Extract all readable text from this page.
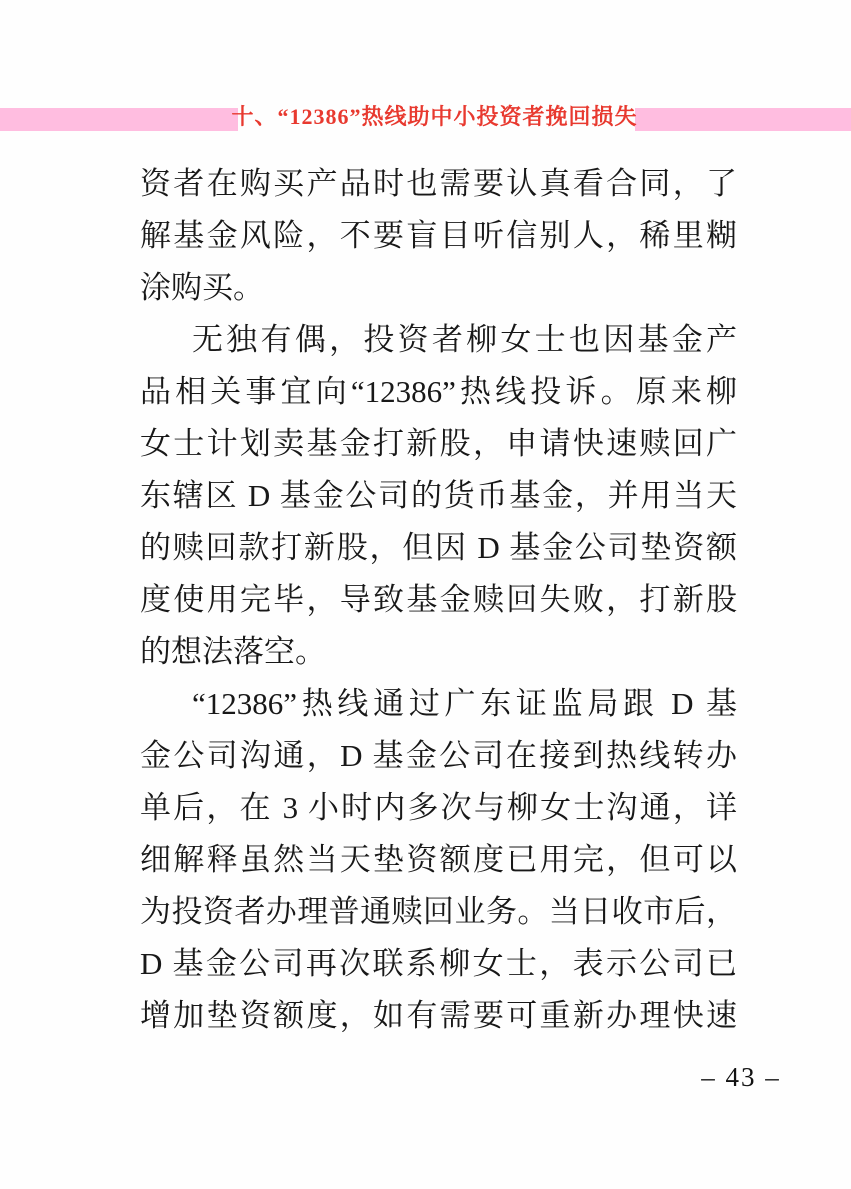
十、“12386”热线助中小投资者挽回损失
资者在购买产品时也需要认真看合同，了
解基金风险，不要盲目听信别人，稀里糊
涂购买。
无独有偶，投资者柳女士也因基金产
品相关事宜向“12386”热线投诉。原来柳
女士计划卖基金打新股，申请快速赎回广
东辖区 D 基金公司的货币基金，并用当天
的赎回款打新股，但因 D 基金公司垫资额
度使用完毕，导致基金赎回失败，打新股
的想法落空。
“12386”热线通过广东证监局跟 D 基
金公司沟通，D 基金公司在接到热线转办
单后，在 3 小时内多次与柳女士沟通，详
细解释虽然当天垫资额度已用完，但可以
为投资者办理普通赎回业务。当日收市后，
D 基金公司再次联系柳女士，表示公司已
增加垫资额度，如有需要可重新办理快速
– 43 –
